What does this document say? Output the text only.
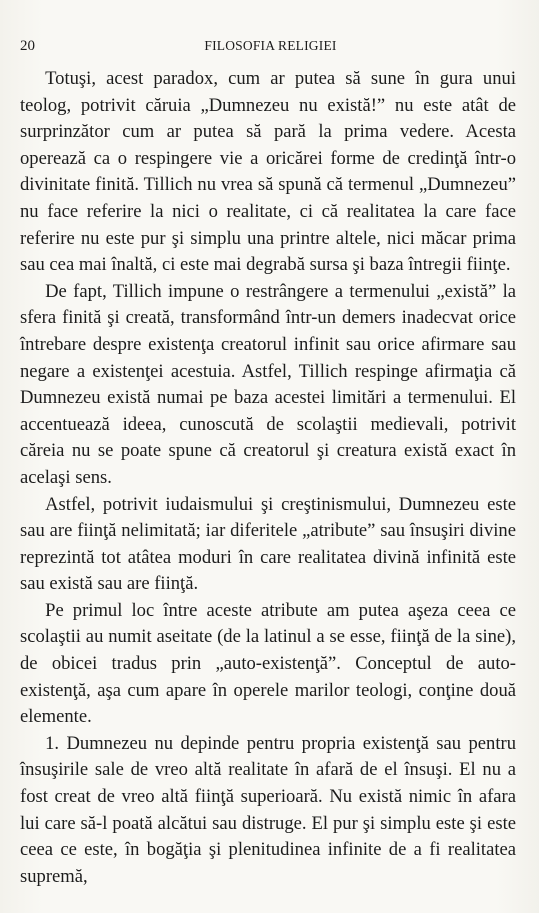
20	FILOSOFIA RELIGIEI

Totuşi, acest paradox, cum ar putea să sune în gura unui teolog, potrivit căruia „Dumnezeu nu există!” nu este atât de surprinzător cum ar putea să pară la prima vedere. Acesta operează ca o respingere vie a oricărei forme de credinţă într-o divinitate finită. Tillich nu vrea să spună că termenul „Dumnezeu” nu face referire la nici o realitate, ci că realitatea la care face referire nu este pur şi simplu una printre altele, nici măcar prima sau cea mai înaltă, ci este mai degrabă sursa şi baza întregii fiinţe.

De fapt, Tillich impune o restrângere a termenului „există” la sfera finită şi creată, transformând într-un demers inadecvat orice întrebare despre existenţa creatorul infinit sau orice afirmare sau negare a existenţei acestuia. Astfel, Tillich respinge afirmaţia că Dumnezeu există numai pe baza acestei limitări a termenului. El accentuează ideea, cunoscută de scolaştii medievali, potrivit căreia nu se poate spune că creatorul şi creatura există exact în acelaşi sens.

Astfel, potrivit iudaismului şi creştinismului, Dumnezeu este sau are fiinţă nelimitată; iar diferitele „atribute” sau însuşiri divine reprezintă tot atâtea moduri în care realitatea divină infinită este sau există sau are fiinţă.

Pe primul loc între aceste atribute am putea aşeza ceea ce scolaştii au numit aseitate (de la latinul a se esse, fiinţă de la sine), de obicei tradus prin „auto-existenţă”. Conceptul de auto-existenţă, aşa cum apare în operele marilor teologi, conţine două elemente.

1. Dumnezeu nu depinde pentru propria existenţă sau pentru însuşirile sale de vreo altă realitate în afară de el însuşi. El nu a fost creat de vreo altă fiinţă superioară. Nu există nimic în afara lui care să-l poată alcătui sau distruge. El pur şi simplu este şi este ceea ce este, în bogăţia şi plenitudinea infinite de a fi realitatea supremă,
